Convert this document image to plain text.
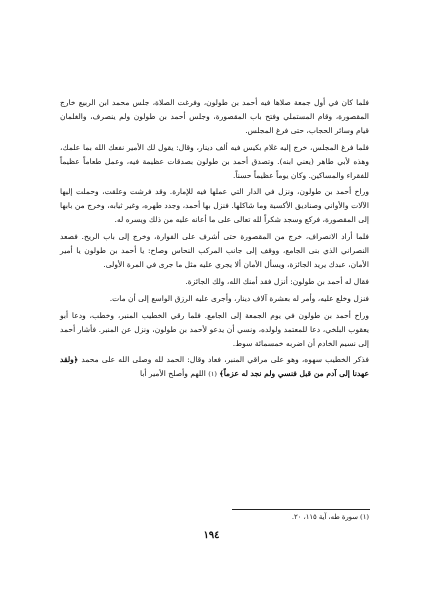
فلما كان في أول جمعة صلاها فيه أحمد بن طولون، وفرغت الصلاة، جلس محمد ابن الربيع خارج المقصورة، وقام المستملي وفتح باب المقصورة، وجلس أحمد بن طولون ولم ينصرف، والغلمان قيام وسائر الحجاب، حتى فرغ المجلس.

فلما فرغ المجلس، خرج إليه غلام بكيس فيه ألف دينار، وقال: يقول لك الأمير نفعك الله بما علمك، وهذه لأبي طاهر (يعني ابنه). وتصدق أحمد بن طولون بصدقات عظيمة فيه، وعمل طعاماً عظيماً للفقراء والمساكين. وكان يوماً عظيماً حسناً.

وراح أحمد بن طولون، ونزل في الدار التي عملها فيه للإمارة. وقد فرشت وعلقت، وحملت إليها الآلات والأواني وصناديق الأكسية وما شاكلها. فنزل بها أحمد، وجدد طهره، وغير ثيابه، وخرج من بابها إلى المقصورة، فركع وسجد شكراً لله تعالى على ما أعانه عليه من ذلك ويسره له.

فلما أراد الانصراف، خرج من المقصورة حتى أشرف على الفوارة، وخرج إلى باب الريح. فصعد النصراني الذي بنى الجامع، ووقف إلى جانب المركب النحاس وصاح: يا أحمد بن طولون يا أمير الأمان، عبدك يريد الجائزة، ويسأل الأمان ألا يجري عليه مثل ما جرى في المرة الأولى.

فقال له أحمد بن طولون: أنزل فقد أمنك الله، ولك الجائزة.

فنزل وخلع عليه، وأمر له بعشرة آلاف دينار، وأجرى عليه الرزق الواسع إلى أن مات.

وراح أحمد بن طولون في يوم الجمعة إلى الجامع. فلما رقي الخطيب المنبر، وخطب، ودعا أبو يعقوب البلخي، دعا للمعتمد ولولده، ونسي أن يدعو لأحمد بن طولون، ونزل عن المنبر. فأشار أحمد إلى نسيم الخادم أن اضربه خمسمائة سوط.

فذكر الخطيب سهوه، وهو على مراقي المنبر، فعاد وقال: الحمد لله وصلى الله على محمد ﴿ولقد عهدنا إلى آدم من قبل فنسي ولم نجد له عزماً﴾ (١) اللهم وأصلح الأمير أبا

(١) سورة طه، آية ١١٥، ٢٠.
١٩٤
